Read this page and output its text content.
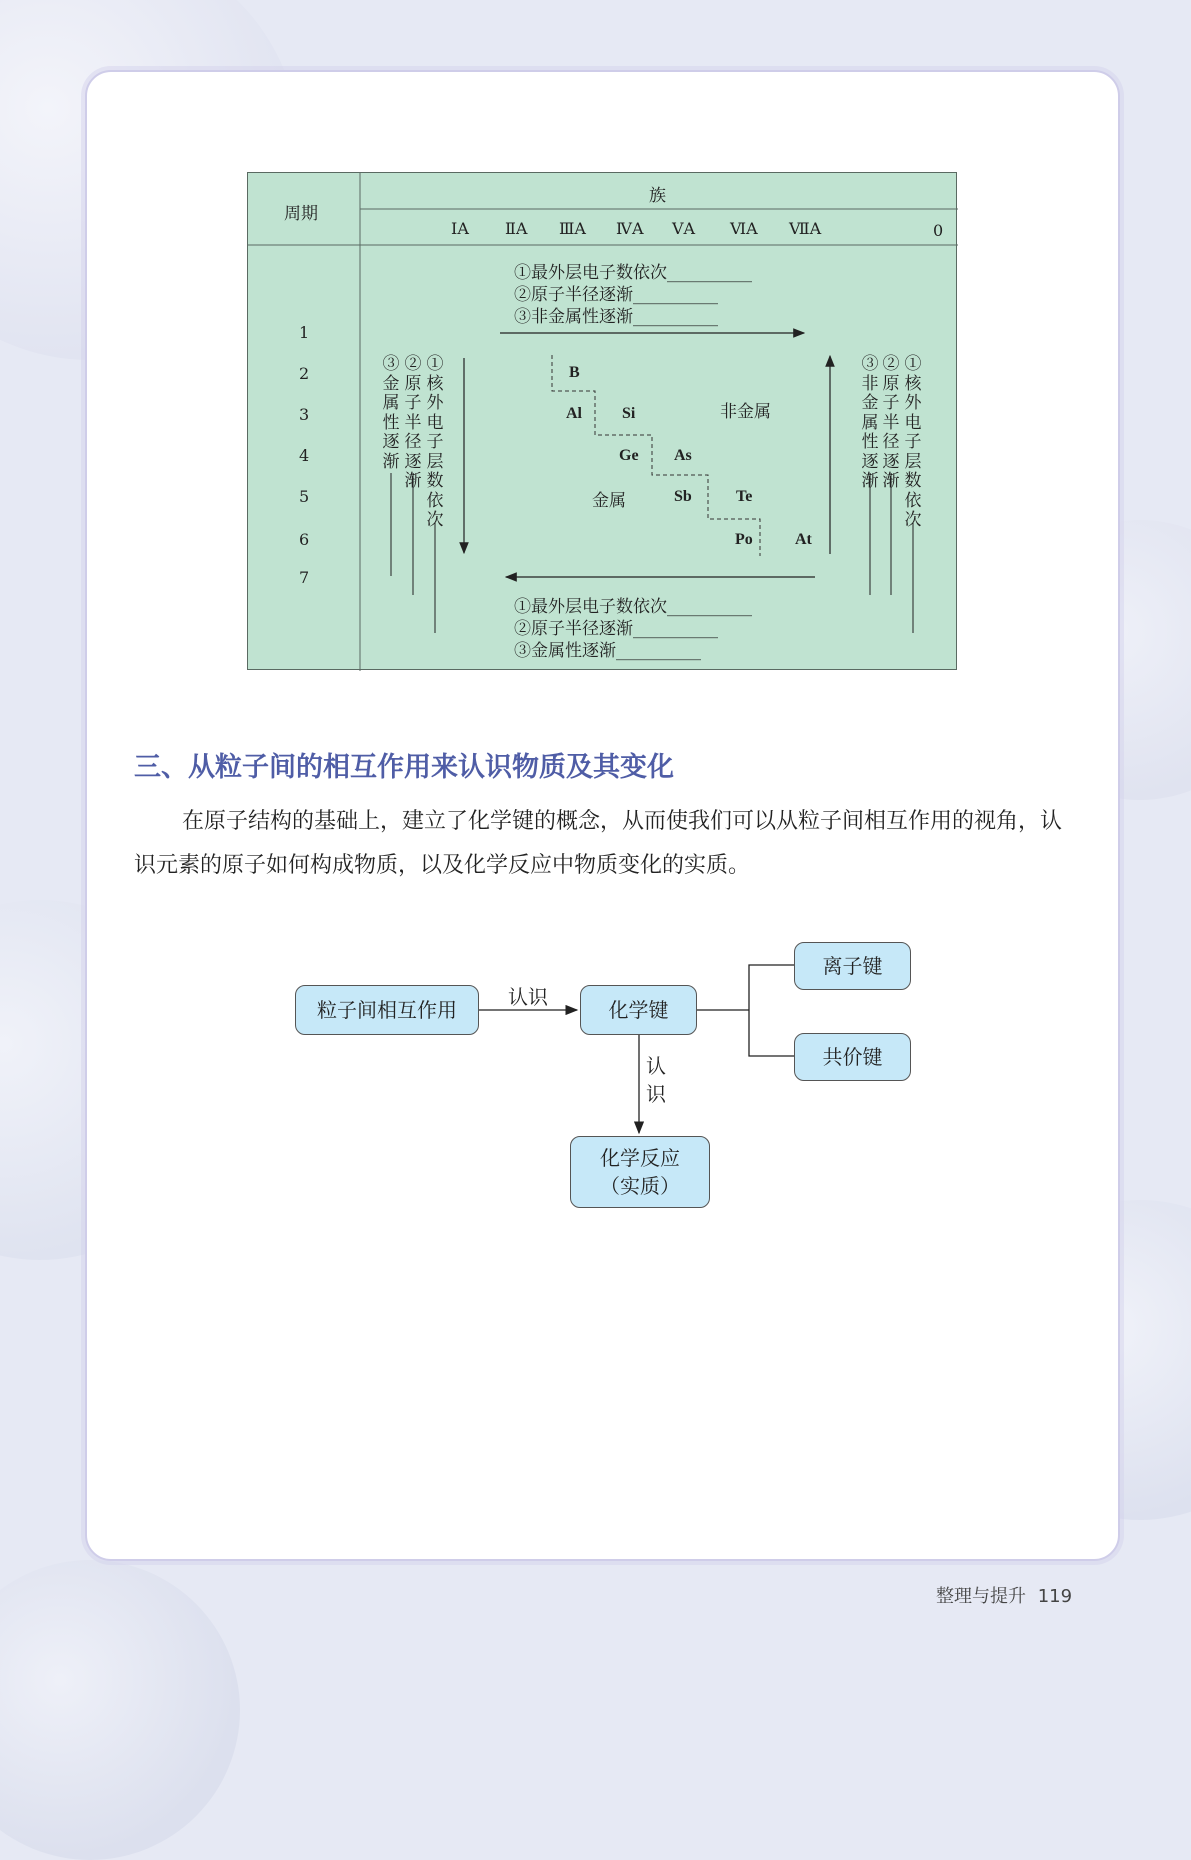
周期
族
ⅠA ⅡA ⅢA ⅣA ⅤA ⅥA ⅦA	0
1
2
3
4
5
6
7
①最外层电子数依次__________
②原子半径逐渐__________
③非金属性逐渐__________
①最外层电子数依次__________
②原子半径逐渐__________
③金属性逐渐__________
③金属性逐渐
②原子半径逐渐
①核外电子层数依次
③非金属性逐渐
②原子半径逐渐
①核外电子层数依次
B
Al	Si
Ge As
Sb	Te
Po	At
非金属
金属
三、从粒子间的相互作用来认识物质及其变化
在原子结构的基础上，建立了化学键的概念，从而使我们可以从粒子间相互作用的视角，认识元素的原子如何构成物质，以及化学反应中物质变化的实质。
粒子间相互作用
认识
化学键
离子键
共价键
认识
化学反应
（实质）
整理与提升 119
